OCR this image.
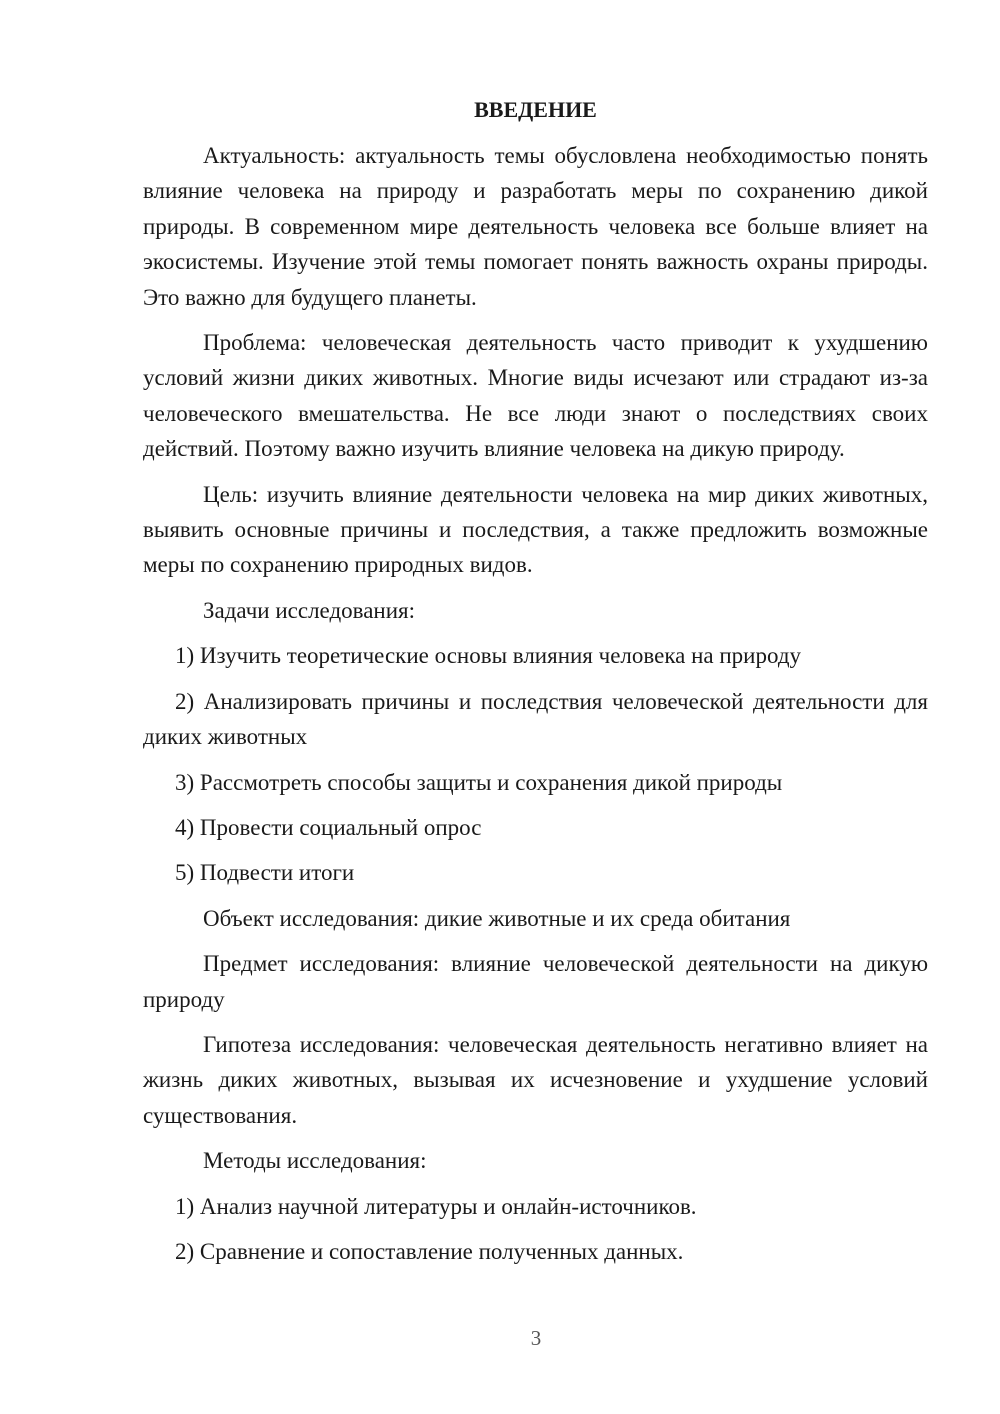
ВВЕДЕНИЕ

Актуальность: актуальность темы обусловлена необходимостью понять влияние человека на природу и разработать меры по сохранению дикой природы. В современном мире деятельность человека все больше влияет на экосистемы. Изучение этой темы помогает понять важность охраны природы. Это важно для будущего планеты.

Проблема: человеческая деятельность часто приводит к ухудшению условий жизни диких животных. Многие виды исчезают или страдают из-за человеческого вмешательства. Не все люди знают о последствиях своих действий. Поэтому важно изучить влияние человека на дикую природу.

Цель: изучить влияние деятельности человека на мир диких животных, выявить основные причины и последствия, а также предложить возможные меры по сохранению природных видов.

Задачи исследования:

1) Изучить теоретические основы влияния человека на природу

2) Анализировать причины и последствия человеческой деятельности для диких животных

3) Рассмотреть способы защиты и сохранения дикой природы

4) Провести социальный опрос

5) Подвести итоги

Объект исследования: дикие животные и их среда обитания

Предмет исследования: влияние человеческой деятельности на дикую природу

Гипотеза исследования: человеческая деятельность негативно влияет на жизнь диких животных, вызывая их исчезновение и ухудшение условий существования.

Методы исследования:

1) Анализ научной литературы и онлайн-источников.

2) Сравнение и сопоставление полученных данных.

3
